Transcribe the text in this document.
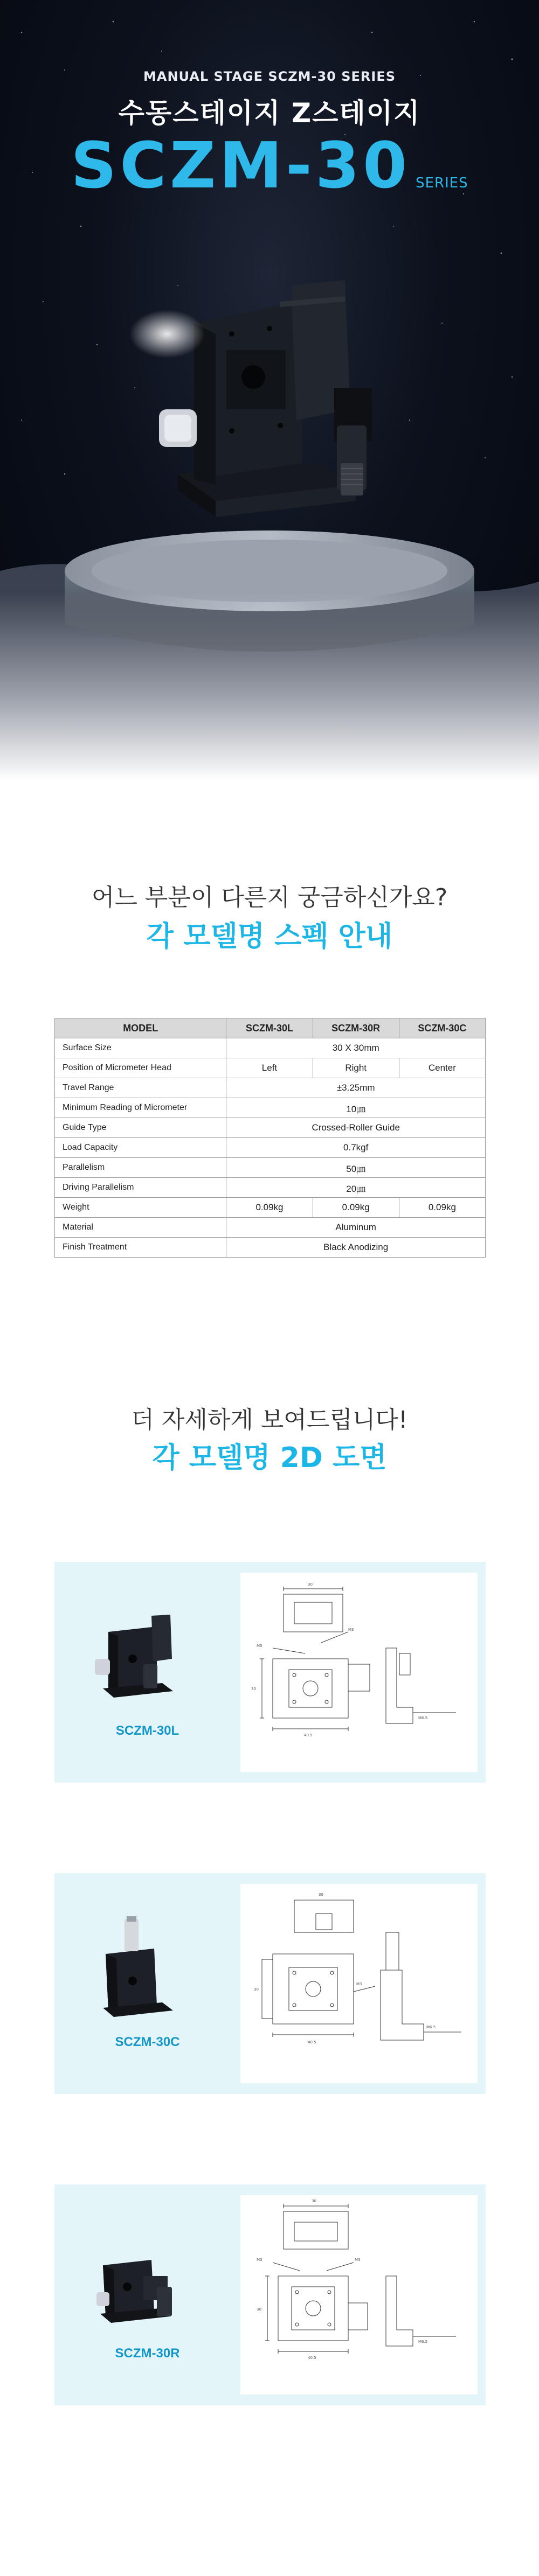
MANUAL STAGE SCZM-30 SERIES
수동스테이지 Z스테이지
SCZM-30 SERIES
어느 부분이 다른지 궁금하신가요?
각 모델명 스펙 안내
MODEL	SCZM-30L	SCZM-30R	SCZM-30C
Surface Size	30 X 30mm		
Position of Micrometer Head	Left	Right	Center
Travel Range	±3.25mm		
Minimum Reading of Micrometer	10㎛		
Guide Type	Crossed-Roller Guide		
Load Capacity	0.7kgf		
Parallelism	50㎛		
Driving Parallelism	20㎛		
Weight	0.09kg	0.09kg	0.09kg
Material	Aluminum		
Finish Treatment	Black Anodizing		
더 자세하게 보여드립니다!
각 모델명 2D 도면
SCZM-30L
30
40.5
30
M3
M3
M6.5
SCZM-30C
30
40.5
30
M3
M6.5
SCZM-30R
30
40.5
30
M3	M3
M6.5
